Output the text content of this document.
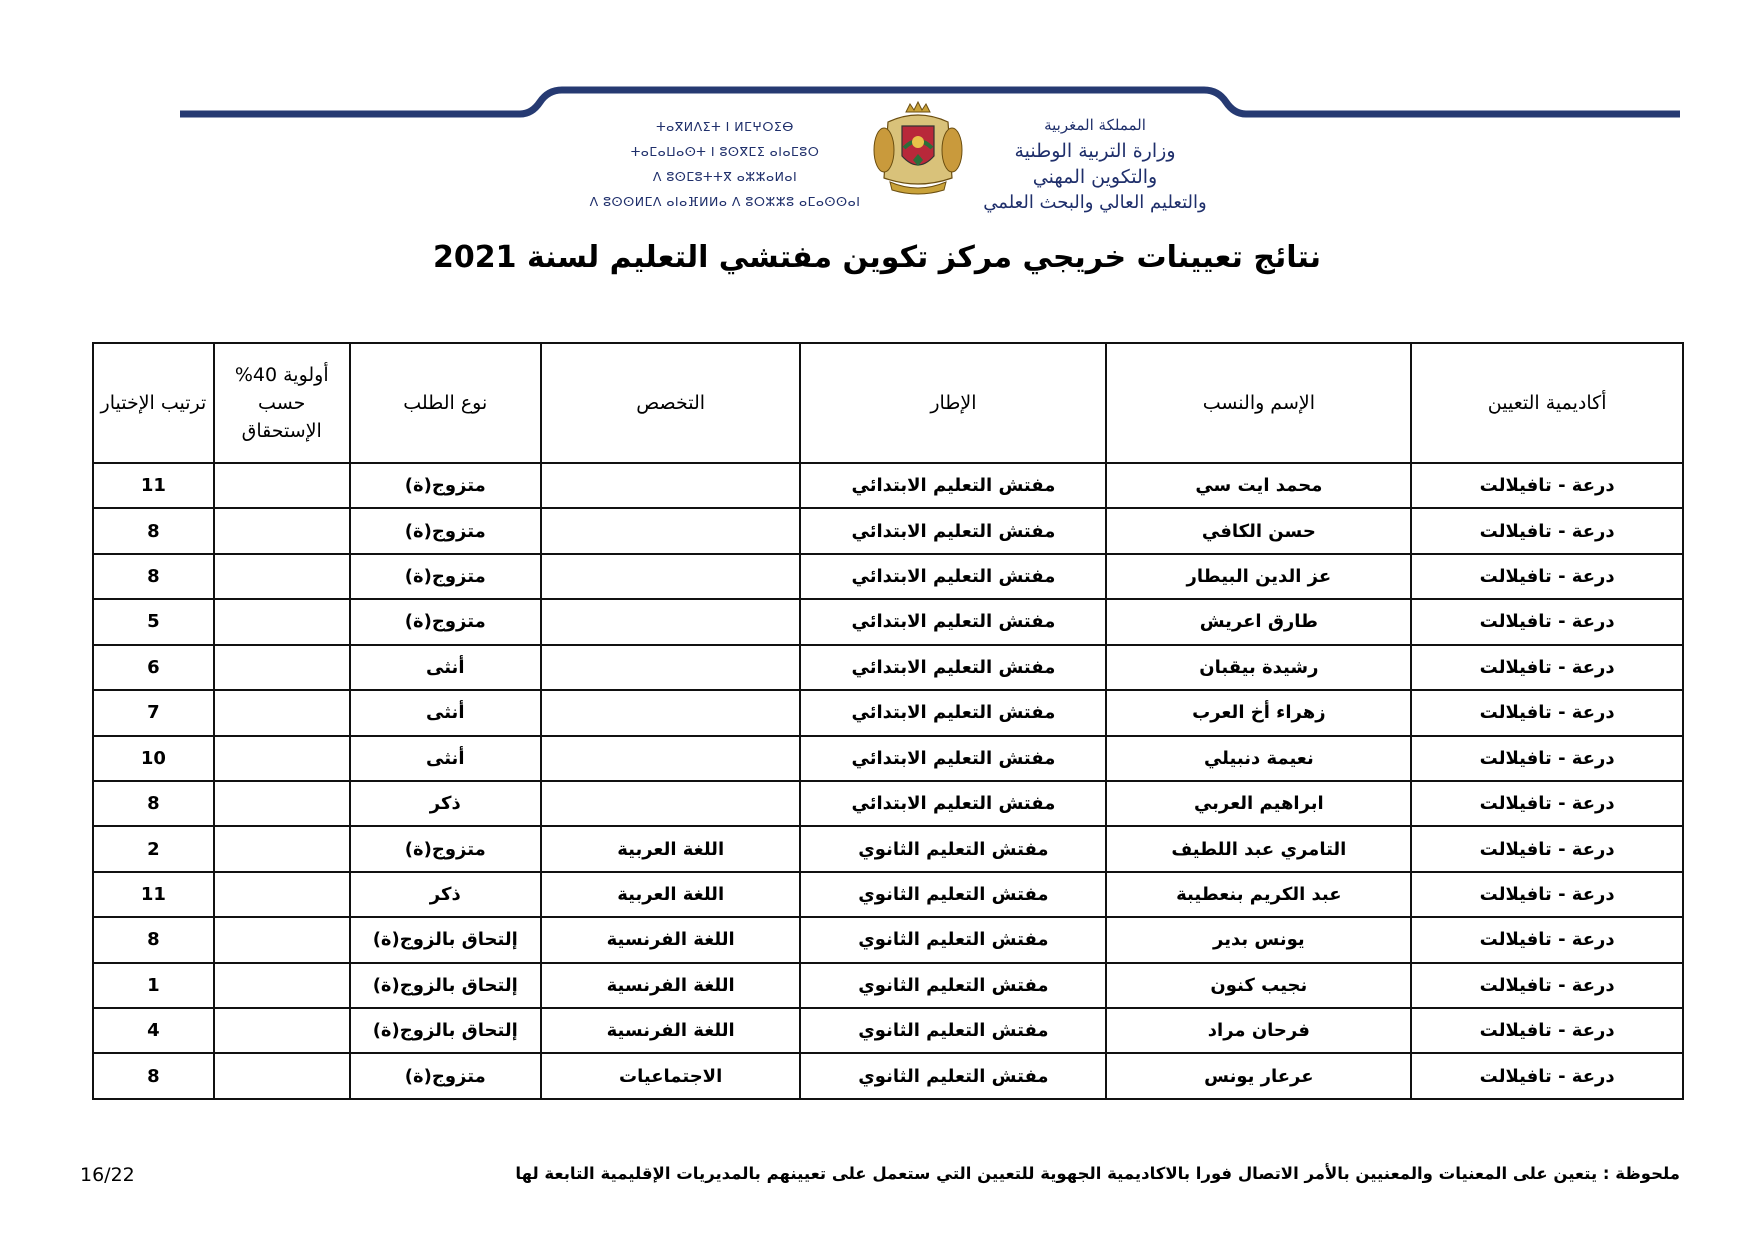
ⵜⴰⴳⵍⴷⵉⵜ ⵏ ⵍⵎⵖⵔⵉⴱ
ⵜⴰⵎⴰⵡⴰⵙⵜ ⵏ ⵓⵙⴳⵎⵉ ⴰⵏⴰⵎⵓⵔ
ⴷ ⵓⵙⵎⵓⵜⵜⴳ ⴰⵣⵣⴰⵍⴰⵏ
ⴷ ⵓⵙⵙⵍⵎⴷ ⴰⵏⴰⴼⵍⵍⴰ ⴷ ⵓⵔⵣⵣⵓ ⴰⵎⴰⵙⵙⴰⵏ
المملكة المغربية
وزارة التربية الوطنية
والتكوين المهني
والتعليم العالي والبحث العلمي
نتائج تعيينات خريجي مركز تكوين مفتشي التعليم لسنة 2021
أكاديمية التعيين	الإسم والنسب	الإطار	التخصص	نوع الطلب	أولوية 40% حسب الإستحقاق	ترتيب الإختيار
درعة - تافيلالت	محمد ايت سي	مفتش التعليم الابتدائي		متزوج(ة)		11
درعة - تافيلالت	حسن الكافي	مفتش التعليم الابتدائي		متزوج(ة)		8
درعة - تافيلالت	عز الدين البيطار	مفتش التعليم الابتدائي		متزوج(ة)		8
درعة - تافيلالت	طارق اعريش	مفتش التعليم الابتدائي		متزوج(ة)		5
درعة - تافيلالت	رشيدة بيقبان	مفتش التعليم الابتدائي		أنثى		6
درعة - تافيلالت	زهراء أخ العرب	مفتش التعليم الابتدائي		أنثى		7
درعة - تافيلالت	نعيمة دنبيلي	مفتش التعليم الابتدائي		أنثى		10
درعة - تافيلالت	ابراهيم العربي	مفتش التعليم الابتدائي		ذكر		8
درعة - تافيلالت	التامري عبد اللطيف	مفتش التعليم الثانوي	اللغة العربية	متزوج(ة)		2
درعة - تافيلالت	عبد الكريم بنعطيبة	مفتش التعليم الثانوي	اللغة العربية	ذكر		11
درعة - تافيلالت	يونس بدير	مفتش التعليم الثانوي	اللغة الفرنسية	إلتحاق بالزوج(ة)		8
درعة - تافيلالت	نجيب كنون	مفتش التعليم الثانوي	اللغة الفرنسية	إلتحاق بالزوج(ة)		1
درعة - تافيلالت	فرحان مراد	مفتش التعليم الثانوي	اللغة الفرنسية	إلتحاق بالزوج(ة)		4
درعة - تافيلالت	عرعار يونس	مفتش التعليم الثانوي	الاجتماعيات	متزوج(ة)		8
ملحوظة : يتعين على المعنيات والمعنيين بالأمر الاتصال فورا بالاكاديمية الجهوية للتعيين التي ستعمل على تعيينهم بالمديريات الإقليمية التابعة لها
16/22
